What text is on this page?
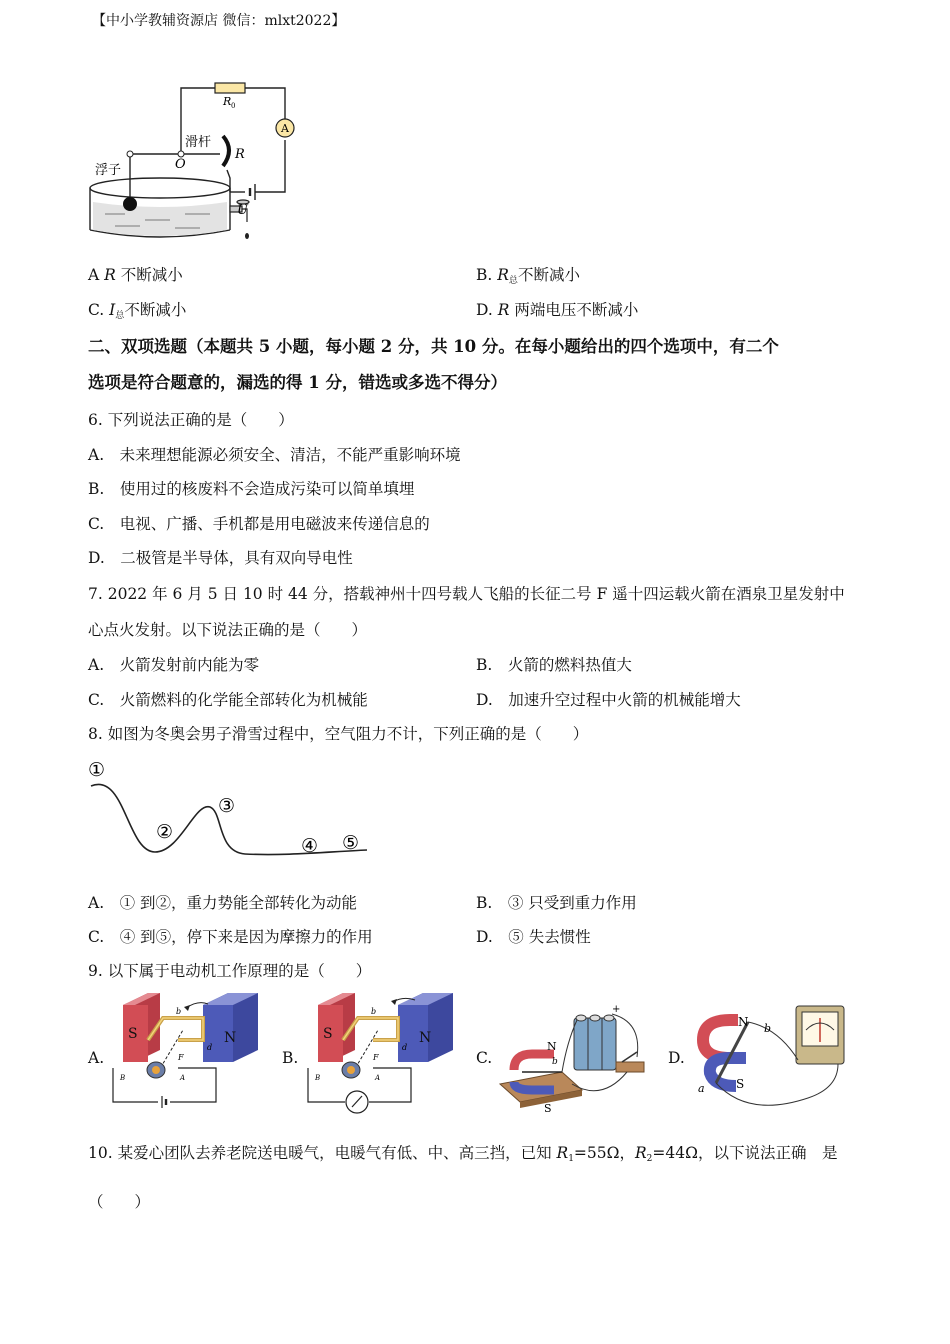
【中小学教辅资源店 微信：mlxt2022】
A
R 0
滑杆
O
R
浮子
U
A R 不断减小	B. $R_总$不断减小
C. $I_总$不断减小	D. R 两端电压不断减小
二、双项选题（本题共 5 小题，每小题 2 分，共 10 分。在每小题给出的四个选项中，有二个
选项是符合题意的，漏选的得 1 分，错选或多选不得分）
6. 下列说法正确的是（　　）
A.　未来理想能源必须安全、清洁，不能严重影响环境
B.　使用过的核废料不会造成污染可以简单填埋
C.　电视、广播、手机都是用电磁波来传递信息的
D.　二极管是半导体，具有双向导电性
7. 2022 年 6 月 5 日 10 时 44 分，搭载神州十四号载人飞船的长征二号 F 遥十四运载火箭在酒泉卫星发射中
心点火发射。以下说法正确的是（　　）
A.　火箭发射前内能为零	B.　火箭的燃料热值大
C.　火箭燃料的化学能全部转化为机械能	D.　加速升空过程中火箭的机械能增大
8. 如图为冬奥会男子滑雪过程中，空气阻力不计，下列正确的是（　　）
①
②
③
④ ⑤
A.　① 到②，重力势能全部转化为动能	B.　③ 只受到重力作用
C.　④ 到⑤，停下来是因为摩擦力的作用	D.　⑤ 失去惯性
9. 以下属于电动机工作原理的是（　　）
A.	B.	C.	D.
S	N
b
d
F
B	A
S	N
b
d
F
B	A
N
b
S
+
N b
S
a
10. 某爱心团队去养老院送电暖气，电暖气有低、中、高三挡，已知 $R_1=55\Omega$，$R_2=44\Omega$，以下说法正确　是
（　　）
